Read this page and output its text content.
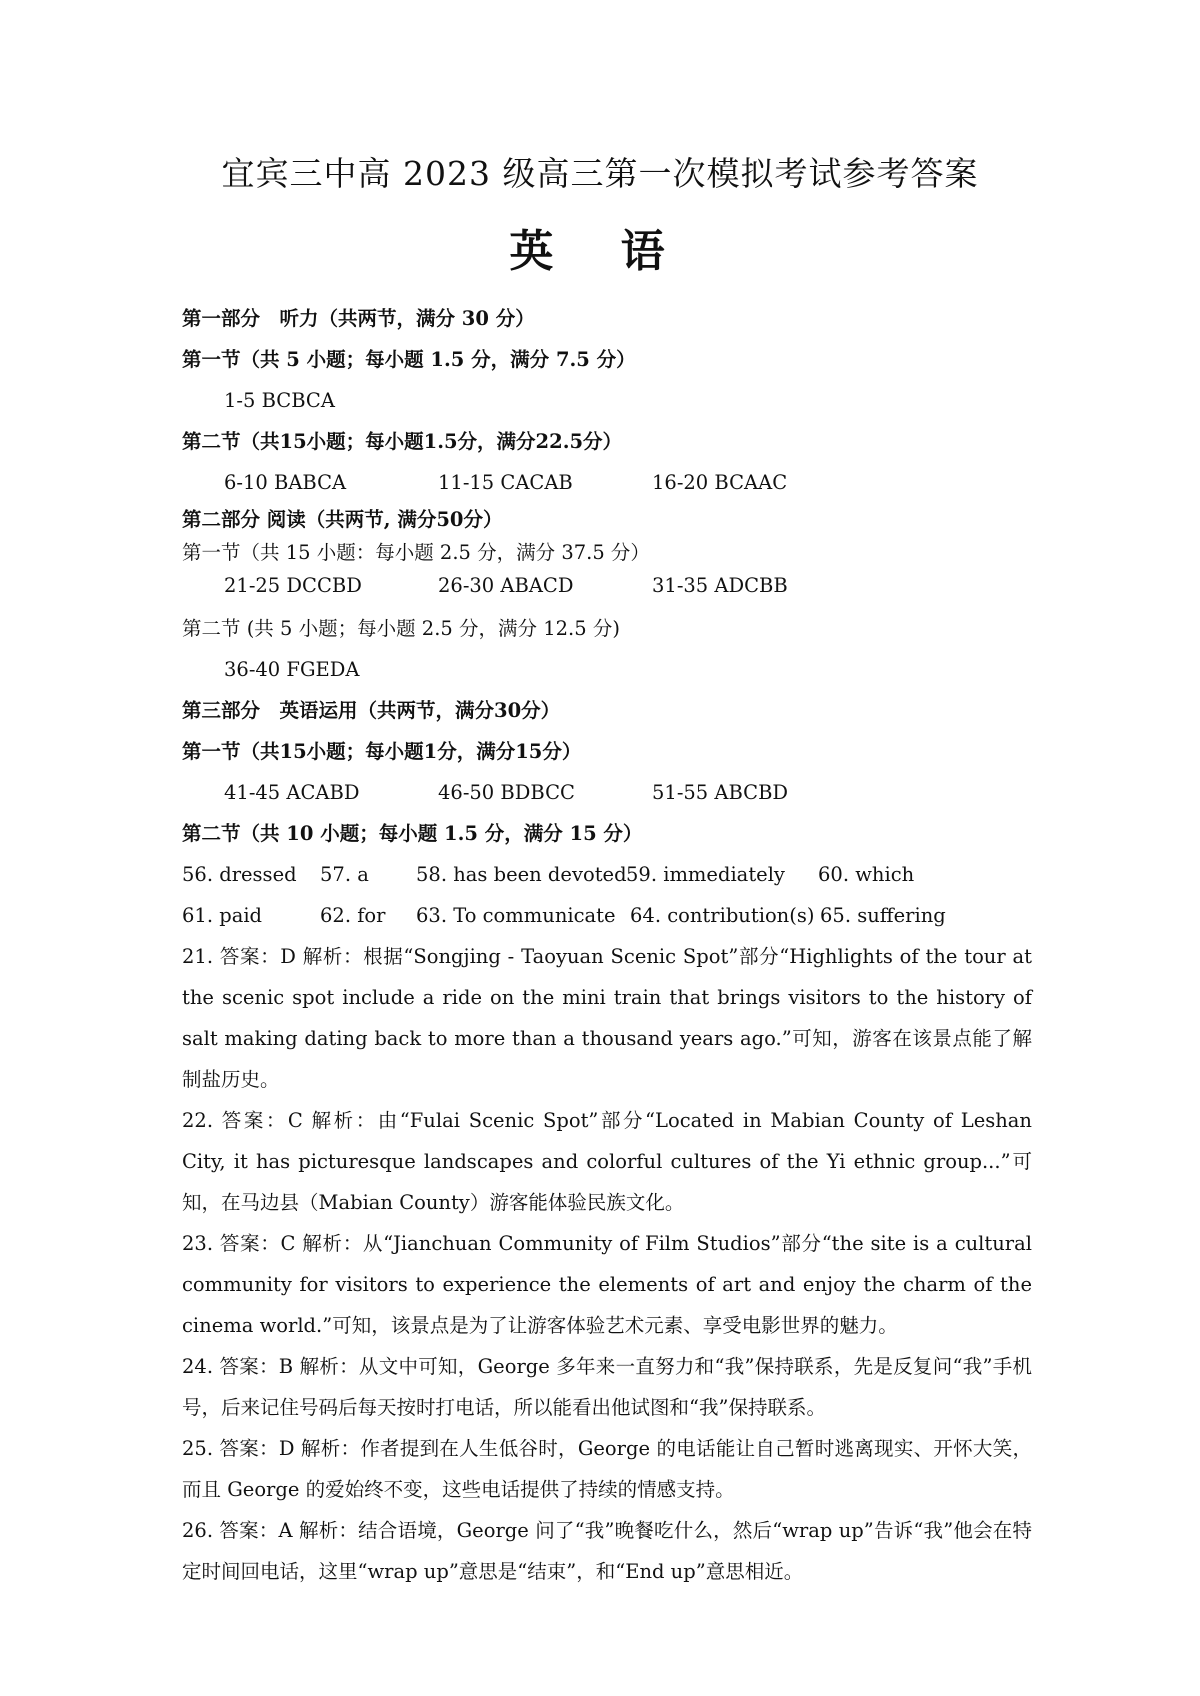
宜宾三中高 2023 级高三第一次模拟考试参考答案
英 语
第一部分　听力（共两节，满分 30 分）
第一节（共 5 小题；每小题 1.5 分，满分 7.5 分）
1-5 BCBCA
第二节（共15小题；每小题1.5分，满分22.5分）
6-10 BABCA	11-15 CACAB	16-20 BCAAC
第二部分 阅读（共两节, 满分50分）
第一节（共 15 小题：每小题 2.5 分，满分 37.5 分）
21-25 DCCBD	26-30 ABACD	31-35 ADCBB
第二节 (共 5 小题；每小题 2.5 分，满分 12.5 分)
36-40 FGEDA
第三部分　英语运用（共两节，满分30分）
第一节（共15小题；每小题1分，满分15分）
41-45 ACABD	46-50 BDBCC	51-55 ABCBD
第二节（共 10 小题；每小题 1.5 分，满分 15 分）
56. dressed 57. a 58. has been devoted 59. immediately 60. which
61. paid	62. for 63. To communicate 64. contribution(s) 65. suffering

21. 答案：D 解析：根据“Songjing - Taoyuan Scenic Spot”部分“Highlights of the tour at the scenic spot include a ride on the mini train that brings visitors to the history of salt making dating back to more than a thousand years ago.”可知，游客在该景点能了解制盐历史。

22. 答案：C 解析：由“Fulai Scenic Spot”部分“Located in Mabian County of Leshan City, it has picturesque landscapes and colorful cultures of the Yi ethnic group...”可知，在马边县（Mabian County）游客能体验民族文化。

23. 答案：C 解析：从“Jianchuan Community of Film Studios”部分“the site is a cultural community for visitors to experience the elements of art and enjoy the charm of the cinema world.”可知，该景点是为了让游客体验艺术元素、享受电影世界的魅力。

24. 答案：B 解析：从文中可知，George 多年来一直努力和“我”保持联系，先是反复问“我”手机号，后来记住号码后每天按时打电话，所以能看出他试图和“我”保持联系。

25. 答案：D 解析：作者提到在人生低谷时，George 的电话能让自己暂时逃离现实、开怀大笑，而且 George 的爱始终不变，这些电话提供了持续的情感支持。

26. 答案：A 解析：结合语境，George 问了“我”晚餐吃什么，然后“wrap up”告诉“我”他会在特定时间回电话，这里“wrap up”意思是“结束”，和“End up”意思相近。
